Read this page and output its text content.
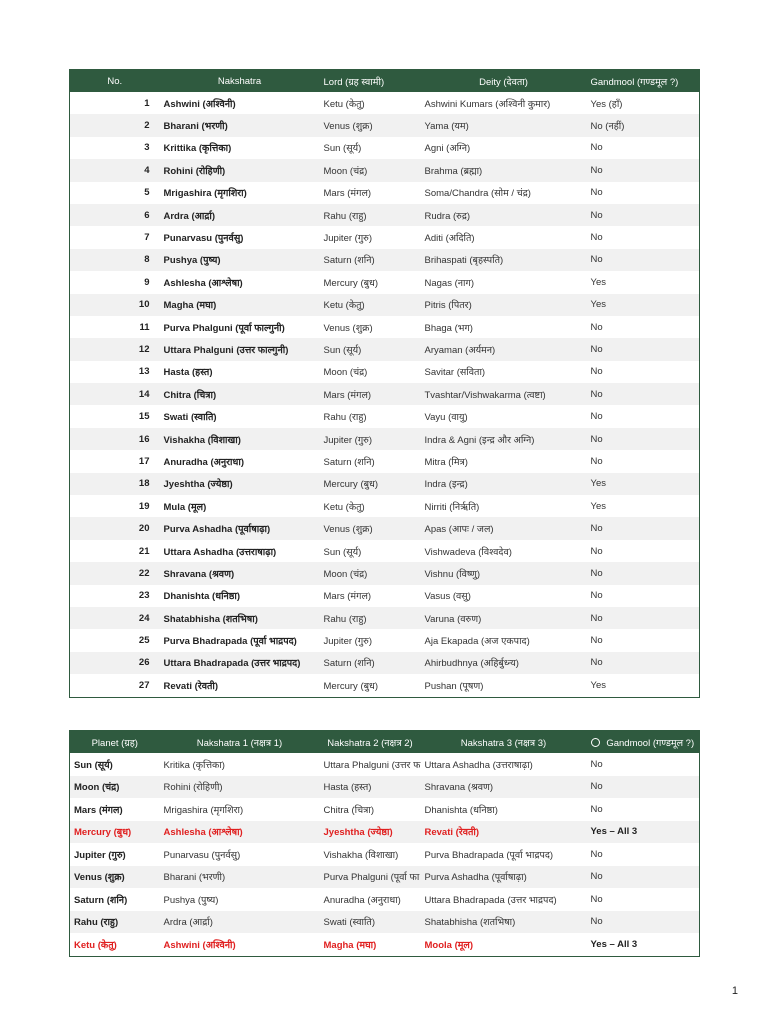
No.	Nakshatra	Lord (ग्रह स्वामी)	Deity (देवता)	Gandmool (गण्डमूल ?)
1	Ashwini (अश्विनी)	Ketu (केतु)	Ashwini Kumars (अश्विनी कुमार)	Yes (हाँ)
2	Bharani (भरणी)	Venus (शुक्र)	Yama (यम)	No (नहीं)
3	Krittika (कृत्तिका)	Sun (सूर्य)	Agni (अग्नि)	No
4	Rohini (रोहिणी)	Moon (चंद्र)	Brahma (ब्रह्मा)	No
5	Mrigashira (मृगशिरा)	Mars (मंगल)	Soma/Chandra (सोम / चंद्र)	No
6	Ardra (आर्द्रा)	Rahu (राहु)	Rudra (रुद्र)	No
7	Punarvasu (पुनर्वसु)	Jupiter (गुरु)	Aditi (अदिति)	No
8	Pushya (पुष्य)	Saturn (शनि)	Brihaspati (बृहस्पति)	No
9	Ashlesha (आश्लेषा)	Mercury (बुध)	Nagas (नाग)	Yes
10	Magha (मघा)	Ketu (केतु)	Pitris (पितर)	Yes
11	Purva Phalguni (पूर्वा फाल्गुनी)	Venus (शुक्र)	Bhaga (भग)	No
12	Uttara Phalguni (उत्तर फाल्गुनी)	Sun (सूर्य)	Aryaman (अर्यमन)	No
13	Hasta (हस्त)	Moon (चंद्र)	Savitar (सविता)	No
14	Chitra (चित्रा)	Mars (मंगल)	Tvashtar/Vishwakarma (त्वष्टा)	No
15	Swati (स्वाति)	Rahu (राहु)	Vayu (वायु)	No
16	Vishakha (विशाखा)	Jupiter (गुरु)	Indra & Agni (इन्द्र और अग्नि)	No
17	Anuradha (अनुराधा)	Saturn (शनि)	Mitra (मित्र)	No
18	Jyeshtha (ज्येष्ठा)	Mercury (बुध)	Indra (इन्द्र)	Yes
19	Mula (मूल)	Ketu (केतु)	Nirriti (निर्ऋति)	Yes
20	Purva Ashadha (पूर्वाषाढ़ा)	Venus (शुक्र)	Apas (आपः / जल)	No
21	Uttara Ashadha (उत्तराषाढ़ा)	Sun (सूर्य)	Vishwadeva (विश्वदेव)	No
22	Shravana (श्रवण)	Moon (चंद्र)	Vishnu (विष्णु)	No
23	Dhanishta (धनिष्ठा)	Mars (मंगल)	Vasus (वसु)	No
24	Shatabhisha (शतभिषा)	Rahu (राहु)	Varuna (वरुण)	No
25	Purva Bhadrapada (पूर्वा भाद्रपद)	Jupiter (गुरु)	Aja Ekapada (अज एकपाद)	No
26	Uttara Bhadrapada (उत्तर भाद्रपद)	Saturn (शनि)	Ahirbudhnya (अहिर्बुध्न्य)	No
27	Revati (रेवती)	Mercury (बुध)	Pushan (पूषण)	Yes
Planet (ग्रह)	Nakshatra 1 (नक्षत्र 1)	Nakshatra 2 (नक्षत्र 2)	Nakshatra 3 (नक्षत्र 3)	Gandmool (गण्डमूल ?)
Sun (सूर्य)	Kritika (कृत्तिका)	Uttara Phalguni (उत्तर फ	Uttara Ashadha (उत्तराषाढ़ा)	No
Moon (चंद्र)	Rohini (रोहिणी)	Hasta (हस्त)	Shravana (श्रवण)	No
Mars (मंगल)	Mrigashira (मृगशिरा)	Chitra (चित्रा)	Dhanishta (धनिष्ठा)	No
Mercury (बुध)	Ashlesha (आश्लेषा)	Jyeshtha (ज्येष्ठा)	Revati (रेवती)	Yes – All 3
Jupiter (गुरु)	Punarvasu (पुनर्वसु)	Vishakha (विशाखा)	Purva Bhadrapada (पूर्वा भाद्रपद)	No
Venus (शुक्र)	Bharani (भरणी)	Purva Phalguni (पूर्वा फा	Purva Ashadha (पूर्वाषाढ़ा)	No
Saturn (शनि)	Pushya (पुष्य)	Anuradha (अनुराधा)	Uttara Bhadrapada (उत्तर भाद्रपद)	No
Rahu (राहु)	Ardra (आर्द्रा)	Swati (स्वाति)	Shatabhisha (शतभिषा)	No
Ketu (केतु)	Ashwini (अश्विनी)	Magha (मघा)	Moola (मूल)	Yes – All 3
1
